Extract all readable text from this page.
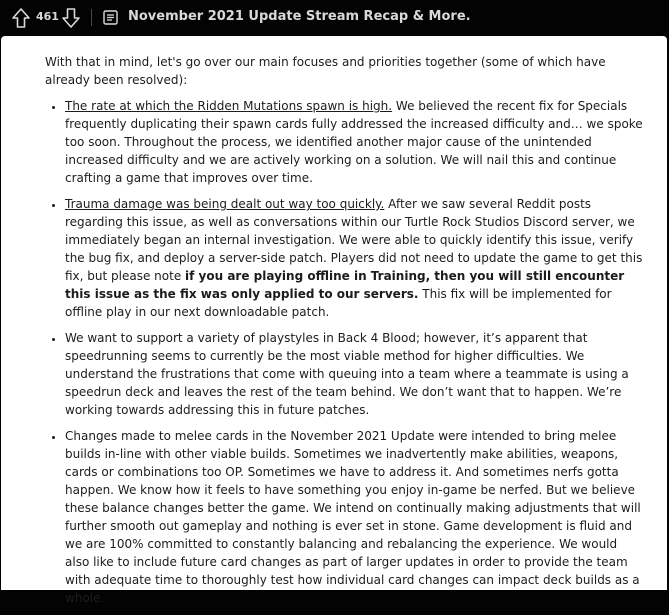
461	November 2021 Update Stream Recap & More.

With that in mind, let's go over our main focuses and priorities together (some of which have already been resolved):

• The rate at which the Ridden Mutations spawn is high. We believed the recent fix for Specials frequently duplicating their spawn cards fully addressed the increased difficulty and… we spoke too soon. Throughout the process, we identified another major cause of the unintended increased difficulty and we are actively working on a solution. We will nail this and continue crafting a game that improves over time.
• Trauma damage was being dealt out way too quickly. After we saw several Reddit posts regarding this issue, as well as conversations within our Turtle Rock Studios Discord server, we immediately began an internal investigation. We were able to quickly identify this issue, verify the bug fix, and deploy a server-side patch. Players did not need to update the game to get this fix, but please note if you are playing offline in Training, then you will still encounter this issue as the fix was only applied to our servers. This fix will be implemented for offline play in our next downloadable patch.
• We want to support a variety of playstyles in Back 4 Blood; however, it’s apparent that speedrunning seems to currently be the most viable method for higher difficulties. We understand the frustrations that come with queuing into a team where a teammate is using a speedrun deck and leaves the rest of the team behind. We don’t want that to happen. We’re working towards addressing this in future patches.
• Changes made to melee cards in the November 2021 Update were intended to bring melee builds in-line with other viable builds. Sometimes we inadvertently make abilities, weapons, cards or combinations too OP. Sometimes we have to address it. And sometimes nerfs gotta happen. We know how it feels to have something you enjoy in-game be nerfed. But we believe these balance changes better the game. We intend on continually making adjustments that will further smooth out gameplay and nothing is ever set in stone. Game development is fluid and we are 100% committed to constantly balancing and rebalancing the experience. We would also like to include future card changes as part of larger updates in order to provide the team with adequate time to thoroughly test how individual card changes can impact deck builds as a whole.
